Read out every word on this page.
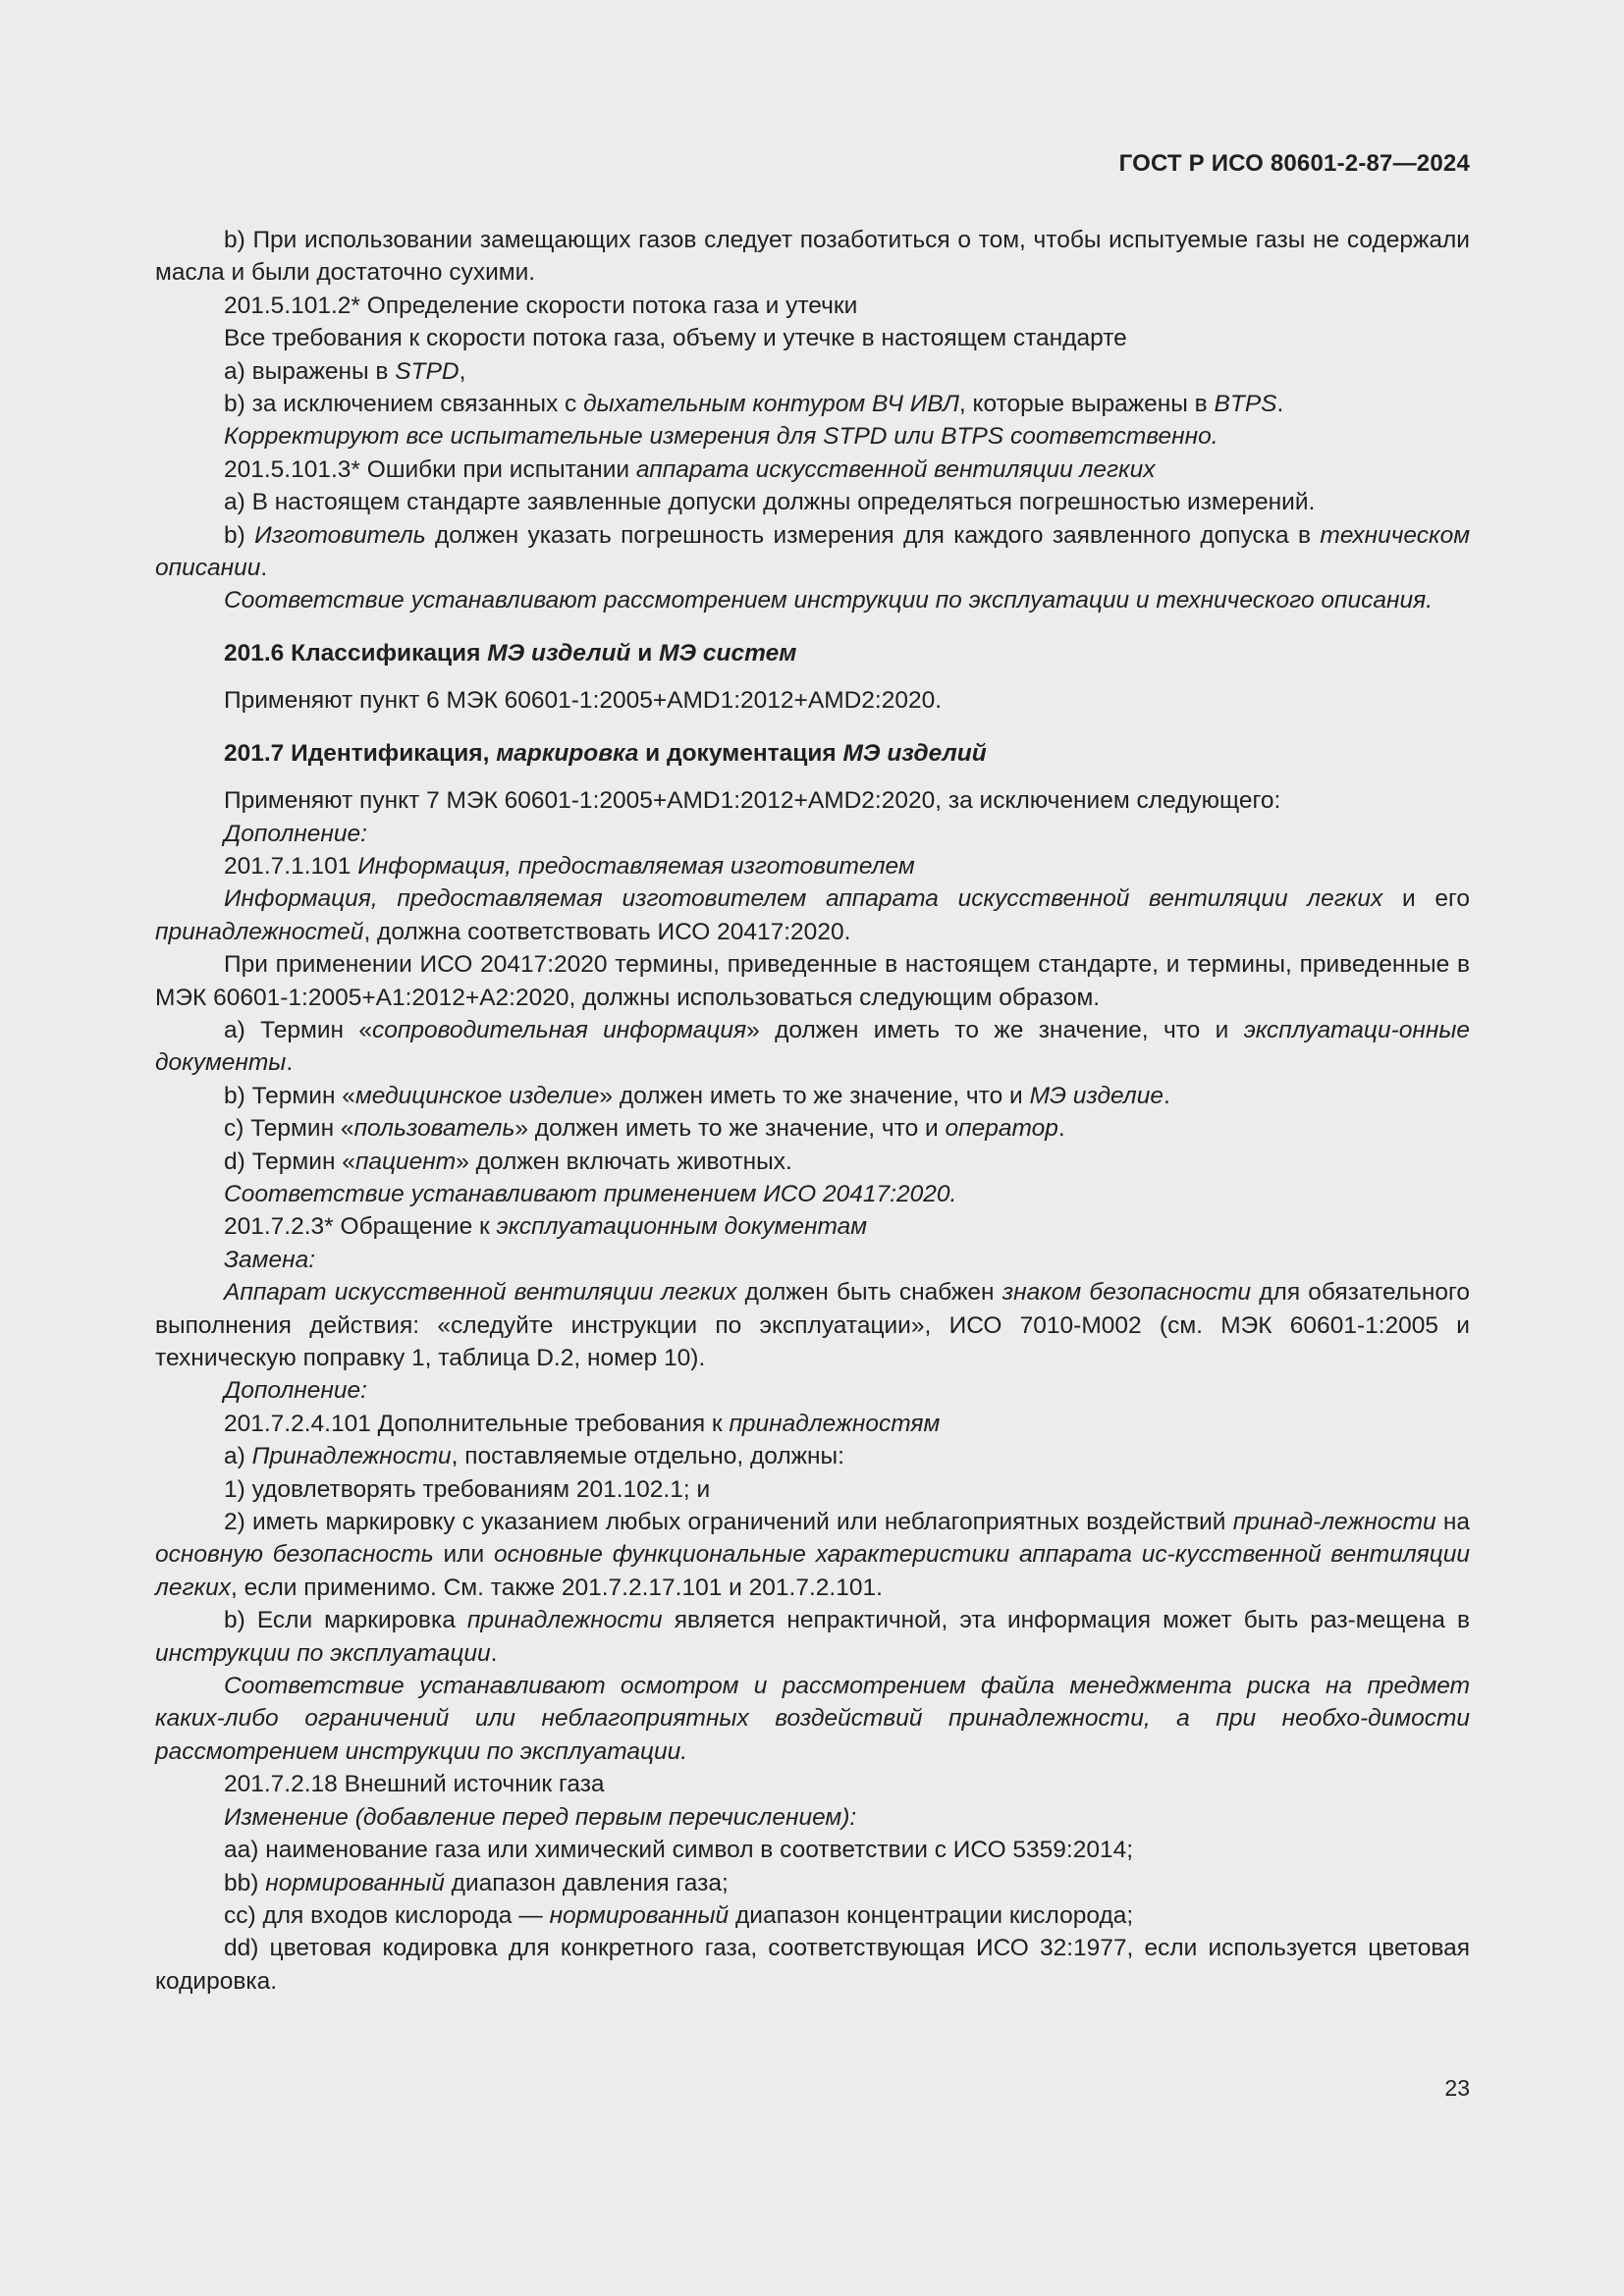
ГОСТ Р ИСО 80601-2-87—2024

b) При использовании замещающих газов следует позаботиться о том, чтобы испытуемые газы не содержали масла и были достаточно сухими.

201.5.101.2* Определение скорости потока газа и утечки

Все требования к скорости потока газа, объему и утечке в настоящем стандарте

а) выражены в STPD,

b) за исключением связанных с дыхательным контуром ВЧ ИВЛ, которые выражены в BTPS.

Корректируют все испытательные измерения для STPD или BTPS соответственно.

201.5.101.3* Ошибки при испытании аппарата искусственной вентиляции легких

а) В настоящем стандарте заявленные допуски должны определяться погрешностью измерений.

b) Изготовитель должен указать погрешность измерения для каждого заявленного допуска в техническом описании.

Соответствие устанавливают рассмотрением инструкции по эксплуатации и технического описания.

201.6 Классификация МЭ изделий и МЭ систем

Применяют пункт 6 МЭК 60601-1:2005+AMD1:2012+AMD2:2020.

201.7 Идентификация, маркировка и документация МЭ изделий

Применяют пункт 7 МЭК 60601-1:2005+AMD1:2012+AMD2:2020, за исключением следующего:

Дополнение:

201.7.1.101 Информация, предоставляемая изготовителем

Информация, предоставляемая изготовителем аппарата искусственной вентиляции легких и его принадлежностей, должна соответствовать ИСО 20417:2020.

При применении ИСО 20417:2020 термины, приведенные в настоящем стандарте, и термины, приведенные в МЭК 60601-1:2005+A1:2012+A2:2020, должны использоваться следующим образом.

а) Термин «сопроводительная информация» должен иметь то же значение, что и эксплуатаци-онные документы.

b) Термин «медицинское изделие» должен иметь то же значение, что и МЭ изделие.

c) Термин «пользователь» должен иметь то же значение, что и оператор.

d) Термин «пациент» должен включать животных.

Соответствие устанавливают применением ИСО 20417:2020.

201.7.2.3* Обращение к эксплуатационным документам

Замена:

Аппарат искусственной вентиляции легких должен быть снабжен знаком безопасности для обязательного выполнения действия: «следуйте инструкции по эксплуатации», ИСО 7010-M002 (см. МЭК 60601-1:2005 и техническую поправку 1, таблица D.2, номер 10).

Дополнение:

201.7.2.4.101 Дополнительные требования к принадлежностям

а) Принадлежности, поставляемые отдельно, должны:

1) удовлетворять требованиям 201.102.1; и

2) иметь маркировку с указанием любых ограничений или неблагоприятных воздействий принад-лежности на основную безопасность или основные функциональные характеристики аппарата ис-кусственной вентиляции легких, если применимо. См. также 201.7.2.17.101 и 201.7.2.101.

b) Если маркировка принадлежности является непрактичной, эта информация может быть раз-мещена в инструкции по эксплуатации.

Соответствие устанавливают осмотром и рассмотрением файла менеджмента риска на предмет каких-либо ограничений или неблагоприятных воздействий принадлежности, а при необхо-димости рассмотрением инструкции по эксплуатации.

201.7.2.18 Внешний источник газа

Изменение (добавление перед первым перечислением):

aa) наименование газа или химический символ в соответствии с ИСО 5359:2014;

bb) нормированный диапазон давления газа;

cc) для входов кислорода — нормированный диапазон концентрации кислорода;

dd) цветовая кодировка для конкретного газа, соответствующая ИСО 32:1977, если используется цветовая кодировка.

23
